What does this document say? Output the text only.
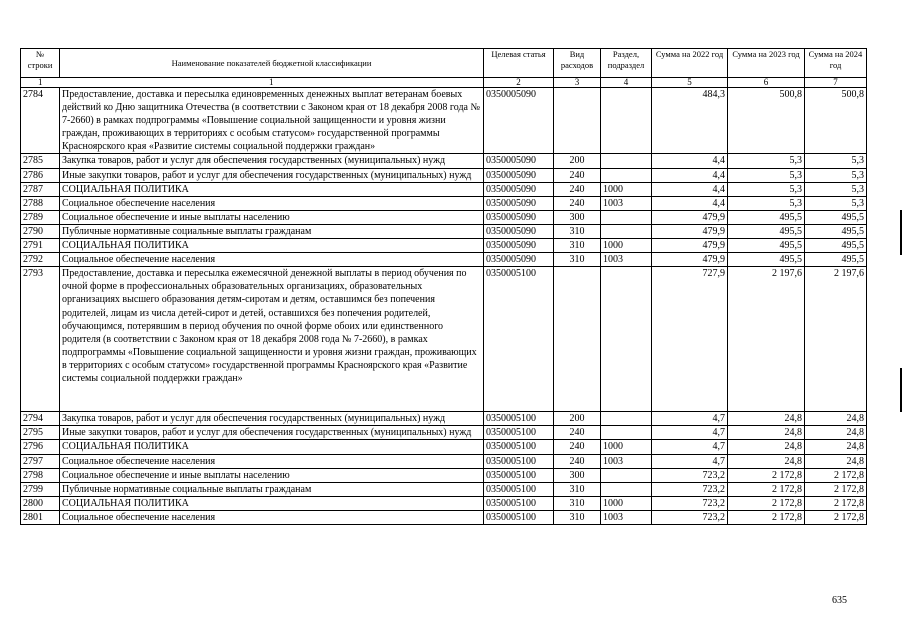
№ строки	Наименование показателей бюджетной классификации	Целевая статья	Вид расходов	Раздел, подраздел	Сумма на 2022 год	Сумма на 2023 год	Сумма на 2024 год
1	1	2	3	4	5	6	7
2784	Предоставление, доставка и пересылка единовременных денежных выплат ветеранам боевых действий ко Дню защитника Отечества (в соответствии с Законом края от 18 декабря 2008 года № 7-2660) в рамках подпрограммы «Повышение социальной защищенности и уровня жизни граждан, проживающих в территориях с особым статусом» государственной программы Красноярского края «Развитие системы социальной поддержки граждан»	0350005090			484,3	500,8	500,8
2785	Закупка товаров, работ и услуг для обеспечения государственных (муниципальных) нужд	0350005090	200		4,4	5,3	5,3
2786	Иные закупки товаров, работ и услуг для обеспечения государственных (муниципальных) нужд	0350005090	240		4,4	5,3	5,3
2787	СОЦИАЛЬНАЯ ПОЛИТИКА	0350005090	240	1000	4,4	5,3	5,3
2788	Социальное обеспечение населения	0350005090	240	1003	4,4	5,3	5,3
2789	Социальное обеспечение и иные выплаты населению	0350005090	300		479,9	495,5	495,5
2790	Публичные нормативные социальные выплаты гражданам	0350005090	310		479,9	495,5	495,5
2791	СОЦИАЛЬНАЯ ПОЛИТИКА	0350005090	310	1000	479,9	495,5	495,5
2792	Социальное обеспечение населения	0350005090	310	1003	479,9	495,5	495,5
2793	Предоставление, доставка и пересылка ежемесячной денежной выплаты в период обучения по очной форме в профессиональных образовательных организациях, образовательных организациях высшего образования детям-сиротам и детям, оставшимся без попечения родителей, лицам из числа детей-сирот и детей, оставшихся без попечения родителей, обучающимся, потерявшим в период обучения по очной форме обоих или единственного родителя (в соответствии с Законом края от 18 декабря 2008 года № 7-2660), в рамках подпрограммы «Повышение социальной защищенности и уровня жизни граждан, проживающих в территориях с особым статусом» государственной программы Красноярского края «Развитие системы социальной поддержки граждан»	0350005100			727,9	2 197,6	2 197,6
2794	Закупка товаров, работ и услуг для обеспечения государственных (муниципальных) нужд	0350005100	200		4,7	24,8	24,8
2795	Иные закупки товаров, работ и услуг для обеспечения государственных (муниципальных) нужд	0350005100	240		4,7	24,8	24,8
2796	СОЦИАЛЬНАЯ ПОЛИТИКА	0350005100	240	1000	4,7	24,8	24,8
2797	Социальное обеспечение населения	0350005100	240	1003	4,7	24,8	24,8
2798	Социальное обеспечение и иные выплаты населению	0350005100	300		723,2	2 172,8	2 172,8
2799	Публичные нормативные социальные выплаты гражданам	0350005100	310		723,2	2 172,8	2 172,8
2800	СОЦИАЛЬНАЯ ПОЛИТИКА	0350005100	310	1000	723,2	2 172,8	2 172,8
2801	Социальное обеспечение населения	0350005100	310	1003	723,2	2 172,8	2 172,8
635
